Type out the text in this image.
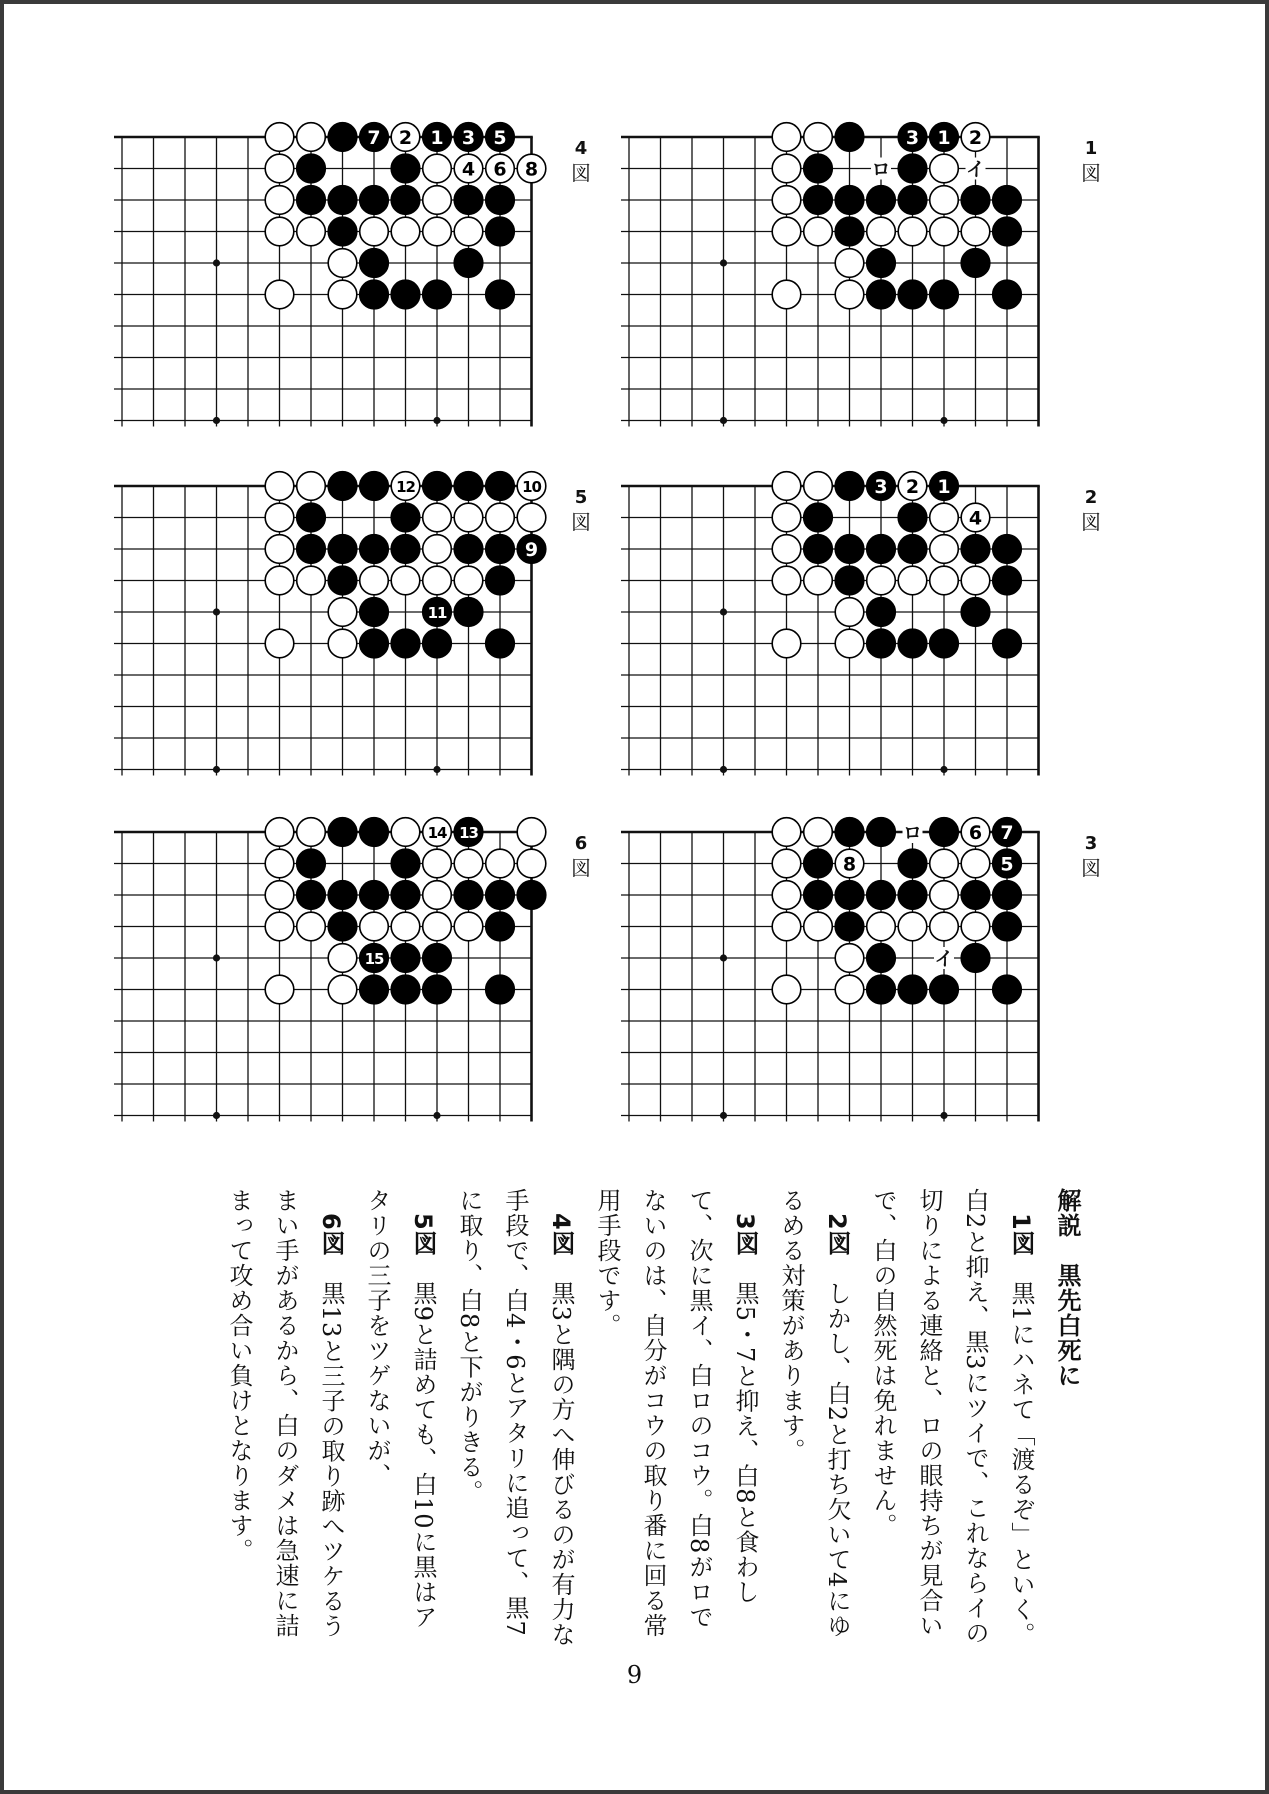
7 2 1 3 5
4 6 8
4
図	ロ	イ
3 1 2	1
図
12	10
9
11
5
図
3 2 1
4
2
図
14 13
15
6
図
ロ
イ
6 7
8	5
3
図

解説　黒先白死に

　1図　黒1にハネて「渡るぞ」といく。白2と抑え、黒3にツイで、これならイの切りによる連絡と、ロの眼持ちが見合いで、白の自然死は免れません。

　2図　しかし、白2と打ち欠いて4にゆるめる対策があります。

　3図　黒5・7と抑え、白8と食わして、次に黒イ、白ロのコウ。白8がロでないのは、自分がコウの取り番に回る常用手段です。

　4図　黒3と隅の方へ伸びるのが有力な手段で、白4・6とアタリに追って、黒7に取り、白8と下がりきる。

　5図　黒9と詰めても、白10に黒はアタリの三子をツゲないが、

　6図　黒13と三子の取り跡へツケるうまい手があるから、白のダメは急速に詰まって攻め合い負けとなります。

9
